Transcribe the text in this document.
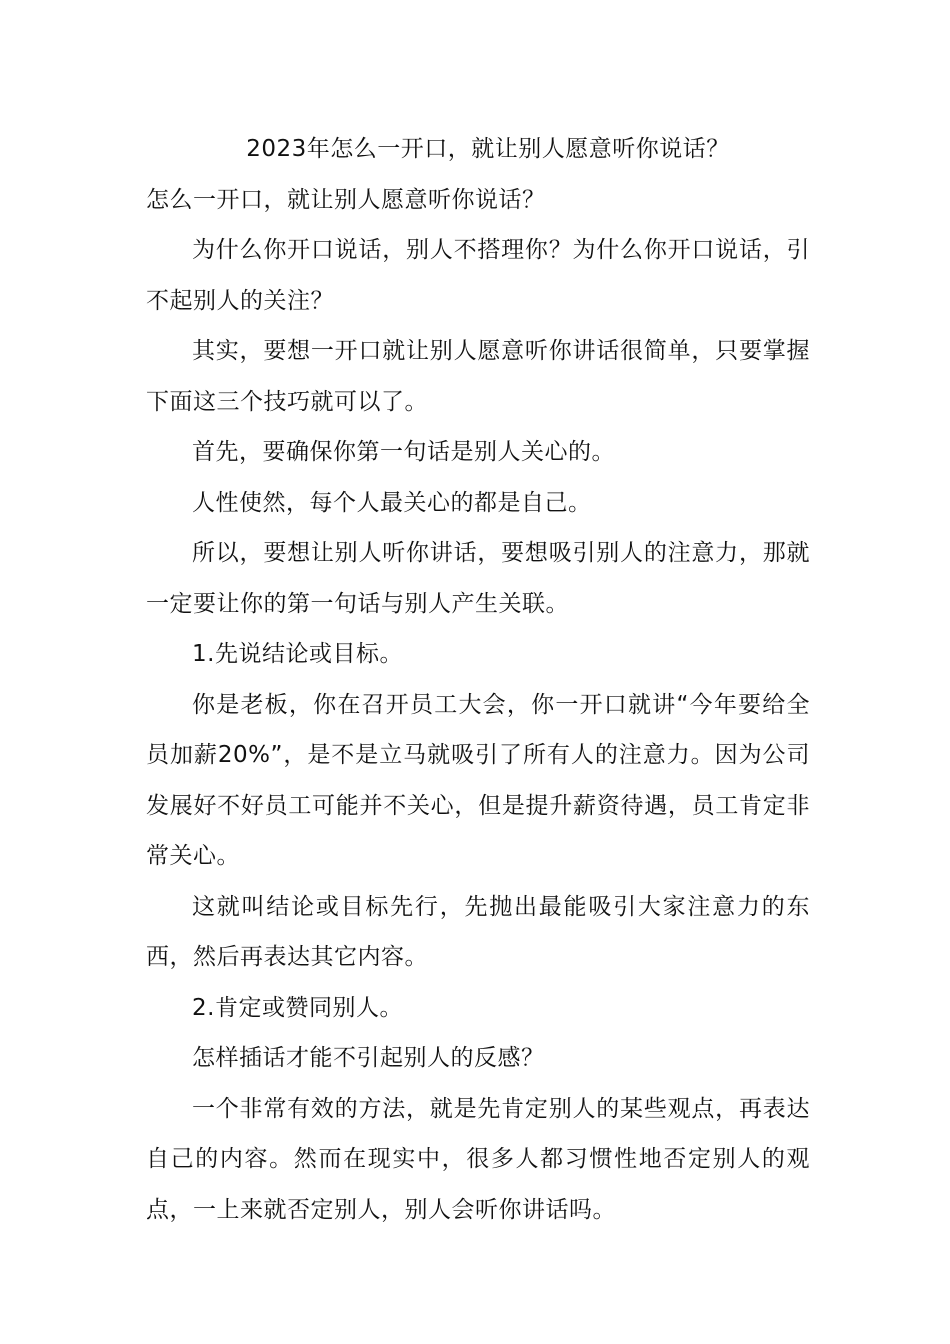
2023年怎么一开口，就让别人愿意听你说话？

怎么一开口，就让别人愿意听你说话？

为什么你开口说话，别人不搭理你？为什么你开口说话，引不起别人的关注？

其实，要想一开口就让别人愿意听你讲话很简单，只要掌握下面这三个技巧就可以了。

首先，要确保你第一句话是别人关心的。

人性使然，每个人最关心的都是自己。

所以，要想让别人听你讲话，要想吸引别人的注意力，那就一定要让你的第一句话与别人产生关联。

1.先说结论或目标。

你是老板，你在召开员工大会，你一开口就讲“今年要给全员加薪20%”，是不是立马就吸引了所有人的注意力。因为公司发展好不好员工可能并不关心，但是提升薪资待遇，员工肯定非常关心。

这就叫结论或目标先行，先抛出最能吸引大家注意力的东西，然后再表达其它内容。

2.肯定或赞同别人。

怎样插话才能不引起别人的反感？

一个非常有效的方法，就是先肯定别人的某些观点，再表达自己的内容。然而在现实中，很多人都习惯性地否定别人的观点，一上来就否定别人，别人会听你讲话吗。
